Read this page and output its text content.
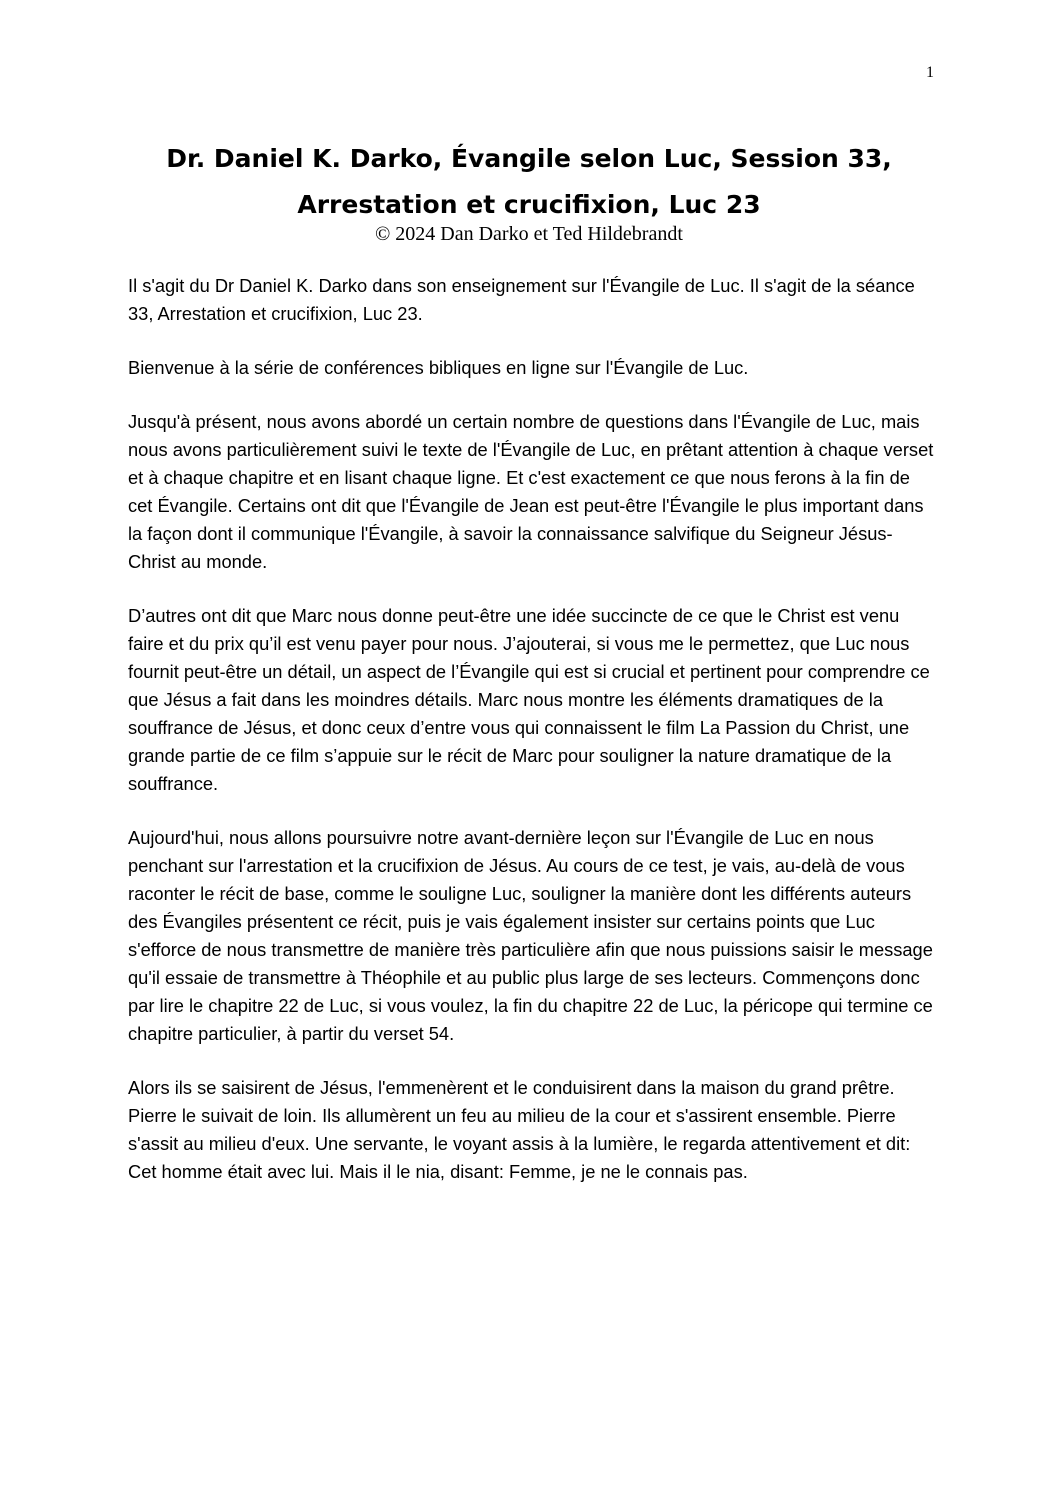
1
Dr. Daniel K. Darko, Évangile selon Luc, Session 33,
Arrestation et crucifixion, Luc 23
© 2024 Dan Darko et Ted Hildebrandt

Il s'agit du Dr Daniel K. Darko dans son enseignement sur l'Évangile de Luc. Il s'agit de la séance 33, Arrestation et crucifixion, Luc 23.

Bienvenue à la série de conférences bibliques en ligne sur l'Évangile de Luc.

Jusqu'à présent, nous avons abordé un certain nombre de questions dans l'Évangile de Luc, mais nous avons particulièrement suivi le texte de l'Évangile de Luc, en prêtant attention à chaque verset et à chaque chapitre et en lisant chaque ligne. Et c'est exactement ce que nous ferons à la fin de cet Évangile. Certains ont dit que l'Évangile de Jean est peut-être l'Évangile le plus important dans la façon dont il communique l'Évangile, à savoir la connaissance salvifique du Seigneur Jésus-Christ au monde.

D’autres ont dit que Marc nous donne peut-être une idée succincte de ce que le Christ est venu faire et du prix qu’il est venu payer pour nous. J’ajouterai, si vous me le permettez, que Luc nous fournit peut-être un détail, un aspect de l’Évangile qui est si crucial et pertinent pour comprendre ce que Jésus a fait dans les moindres détails. Marc nous montre les éléments dramatiques de la souffrance de Jésus, et donc ceux d’entre vous qui connaissent le film La Passion du Christ, une grande partie de ce film s’appuie sur le récit de Marc pour souligner la nature dramatique de la souffrance.

Aujourd'hui, nous allons poursuivre notre avant-dernière leçon sur l'Évangile de Luc en nous penchant sur l'arrestation et la crucifixion de Jésus. Au cours de ce test, je vais, au-delà de vous raconter le récit de base, comme le souligne Luc, souligner la manière dont les différents auteurs des Évangiles présentent ce récit, puis je vais également insister sur certains points que Luc s'efforce de nous transmettre de manière très particulière afin que nous puissions saisir le message qu'il essaie de transmettre à Théophile et au public plus large de ses lecteurs. Commençons donc par lire le chapitre 22 de Luc, si vous voulez, la fin du chapitre 22 de Luc, la péricope qui termine ce chapitre particulier, à partir du verset 54.

Alors ils se saisirent de Jésus, l'emmenèrent et le conduisirent dans la maison du grand prêtre. Pierre le suivait de loin. Ils allumèrent un feu au milieu de la cour et s'assirent ensemble. Pierre s'assit au milieu d'eux. Une servante, le voyant assis à la lumière, le regarda attentivement et dit: Cet homme était avec lui. Mais il le nia, disant: Femme, je ne le connais pas.
